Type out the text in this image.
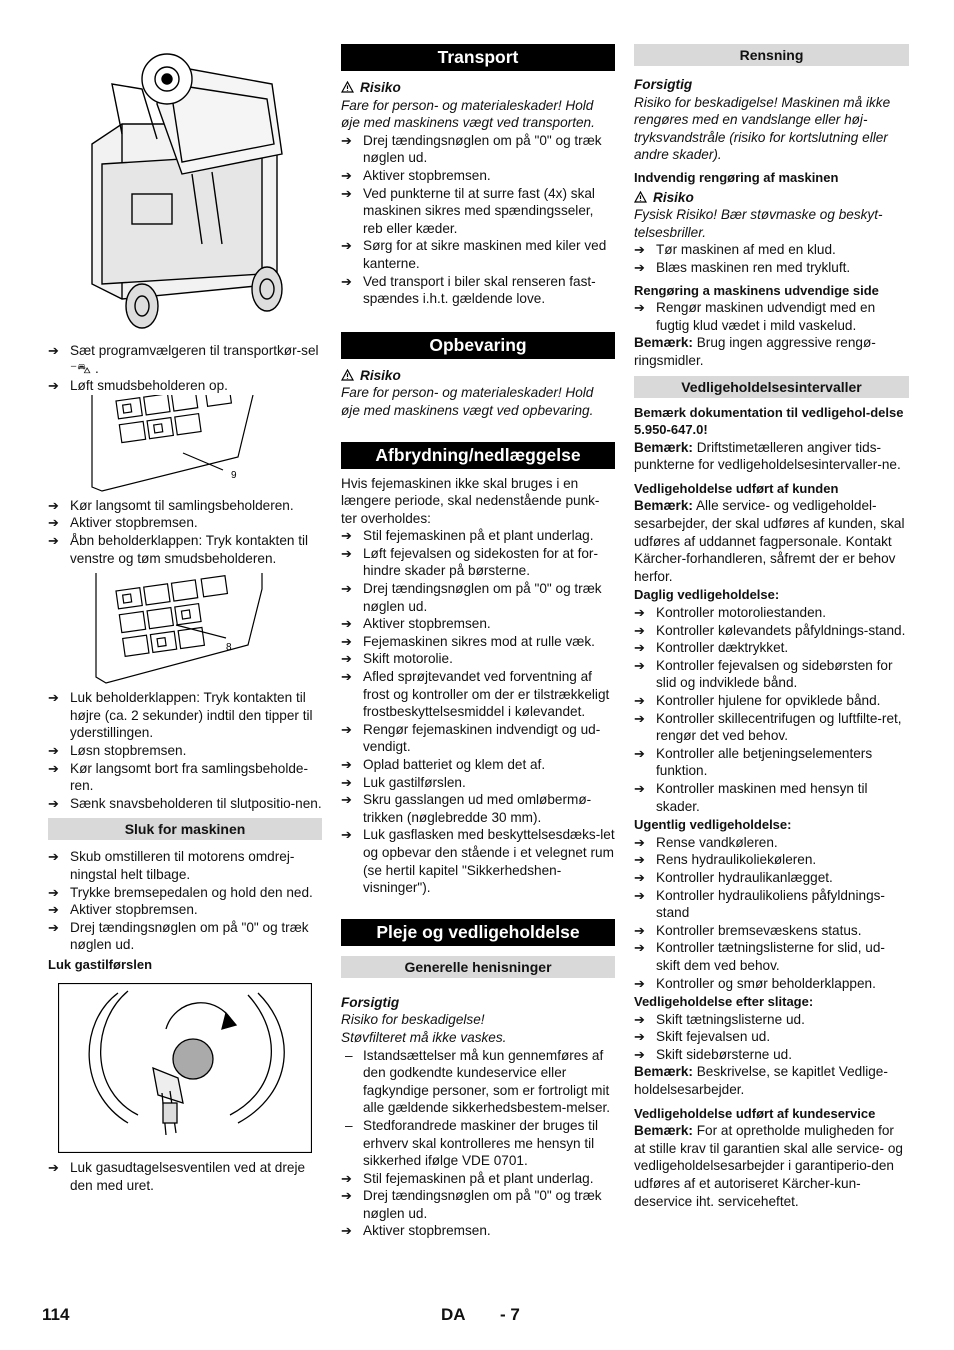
➔ Sæt programvælgeren til transportkør-sel ⁻⛍ .
➔ Løft smudsbeholderen op.
9
➔ Kør langsomt til samlingsbeholderen.
➔ Aktiver stopbremsen.
➔ Åbn beholderklappen: Tryk kontakten til venstre og tøm smudsbeholderen.
8
➔ Luk beholderklappen: Tryk kontakten til højre (ca. 2 sekunder) indtil den tipper til yderstillingen.
➔ Løsn stopbremsen.
➔ Kør langsomt bort fra samlingsbeholde-ren.
➔ Sænk snavsbeholderen til slutpositio-nen.
Sluk for maskinen
➔ Skub omstilleren til motorens omdrej-ningstal helt tilbage.
➔ Trykke bremsepedalen og hold den ned.
➔ Aktiver stopbremsen.
➔ Drej tændingsnøglen om på "0" og træk nøglen ud.
Luk gastilførslen
➔ Luk gasudtagelsesventilen ved at dreje den med uret.
Transport
Risiko
Fare for person- og materialeskader! Hold øje med maskinens vægt ved transporten.
➔ Drej tændingsnøglen om på "0" og træk nøglen ud.
➔ Aktiver stopbremsen.
➔ Ved punkterne til at surre fast (4x) skal maskinen sikres med spændingsseler, reb eller kæder.
➔ Sørg for at sikre maskinen med kiler ved kanterne.
➔ Ved transport i biler skal renseren fast-spændes i.h.t. gældende love.
Opbevaring
Risiko
Fare for person- og materialeskader! Hold øje med maskinens vægt ved opbevaring.
Afbrydning/nedlæggelse
Hvis fejemaskinen ikke skal bruges i en længere periode, skal nedenstående punk-ter overholdes:
➔ Stil fejemaskinen på et plant underlag.
➔ Løft fejevalsen og sidekosten for at for-hindre skader på børsterne.
➔ Drej tændingsnøglen om på "0" og træk nøglen ud.
➔ Aktiver stopbremsen.
➔ Fejemaskinen sikres mod at rulle væk.
➔ Skift motorolie.
➔ Afled sprøjtevandet ved forventning af frost og kontroller om der er tilstrækkeligt frostbeskyttelsesmiddel i kølevandet.
➔ Rengør fejemaskinen indvendigt og ud-vendigt.
➔ Oplad batteriet og klem det af.
➔ Luk gastilførslen.
➔ Skru gasslangen ud med omløbermø-trikken (nøglebredde 30 mm).
➔ Luk gasflasken med beskyttelsesdæks-let og opbevar den stående i et velegnet rum (se hertil kapitel "Sikkerhedshen-visninger").
Pleje og vedligeholdelse
Generelle henisninger
Forsigtig
Risiko for beskadigelse!
Støvfilteret må ikke vaskes.
– Istandsættelser må kun gennemføres af den godkendte kundeservice eller fagkyndige personer, som er fortroligt mit alle gældende sikkerhedsbestem-melser.
– Stedforandrede maskiner der bruges til erhverv skal kontrolleres me hensyn til sikkerhed ifølge VDE 0701.
➔ Stil fejemaskinen på et plant underlag.
➔ Drej tændingsnøglen om på "0" og træk nøglen ud.
➔ Aktiver stopbremsen.
Rensning
Forsigtig
Risiko for beskadigelse! Maskinen må ikke rengøres med en vandslange eller høj-tryksvandstråle (risiko for kortslutning eller andre skader).
Indvendig rengøring af maskinen
Risiko
Fysisk Risiko! Bær støvmaske og beskyt-telsesbriller.
➔ Tør maskinen af med en klud.
➔ Blæs maskinen ren med trykluft.
Rengøring a maskinens udvendige side
➔ Rengør maskinen udvendigt med en fugtig klud vædet i mild vaskelud.
Bemærk: Brug ingen aggressive rengø-ringsmidler.
Vedligeholdelsesintervaller
Bemærk dokumentation til vedligehol-delse 5.950-647.0!
Bemærk: Driftstimetælleren angiver tids-punkterne for vedligeholdelsesintervaller-ne.
Vedligeholdelse udført af kunden
Bemærk: Alle service- og vedligeholdel-sesarbejder, der skal udføres af kunden, skal udføres af uddannet fagpersonale. Kontakt Kärcher-forhandleren, såfremt der er behov herfor.
Daglig vedligeholdelse:
➔ Kontroller motoroliestanden.
➔ Kontroller kølevandets påfyldnings-stand.
➔ Kontroller dæktrykket.
➔ Kontroller fejevalsen og sidebørsten for slid og indviklede bånd.
➔ Kontroller hjulene for opviklede bånd.
➔ Kontroller skillecentrifugen og luftfilte-ret, rengør det ved behov.
➔ Kontroller alle betjeningselementers funktion.
➔ Kontroller maskinen med hensyn til skader.
Ugentlig vedligeholdelse:
➔ Rense vandkøleren.
➔ Rens hydraulikoliekøleren.
➔ Kontroller hydraulikanlægget.
➔ Kontroller hydraulikoliens påfyldnings-stand
➔ Kontroller bremsevæskens status.
➔ Kontroller tætningslisterne for slid, ud-skift dem ved behov.
➔ Kontroller og smør beholderklappen.
Vedligeholdelse efter slitage:
➔ Skift tætningslisterne ud.
➔ Skift fejevalsen ud.
➔ Skift sidebørsterne ud.
Bemærk: Beskrivelse, se kapitlet Vedlige-holdelsesarbejder.
Vedligeholdelse udført af kundeservice
Bemærk: For at opretholde muligheden for at stille krav til garantien skal alle service- og vedligeholdelsesarbejder i garantiperio-den udføres af et autoriseret Kärcher-kun-deservice iht. serviceheftet.
114	DA - 7
